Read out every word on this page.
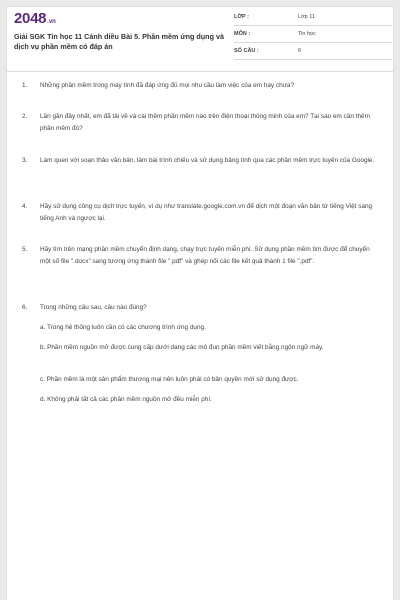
2048.vn
Giải SGK Tin học 11 Cánh diều Bài 5. Phần mềm ứng dụng và dịch vụ phần mềm có đáp án
LỚP :	Lớp 11
MÔN :	Tin học
SỐ CÂU :	6
1.	Những phần mềm trong máy tính đã đáp ứng đủ mọi nhu cầu làm việc của em hay chưa?
2.	Lần gần đây nhất, em đã tải về và cài thêm phần mềm nào trên điện thoại thông minh của em? Tại sao em cần thêm phần mềm đó?
3.	Làm quen với soạn thảo văn bản, làm bài trình chiếu và sử dụng bảng tính qua các phần mềm trực tuyến của Google.
4.	Hãy sử dụng công cụ dịch trực tuyến, ví dụ như translate.google.com.vn để dịch một đoạn văn bản từ tiếng Việt sang tiếng Anh và ngược lại.
5.	Hãy tìm trên mạng phần mềm chuyển định dạng, chạy trực tuyến miễn phí. Sử dụng phần mềm tìm được để chuyển một số file ".docx" sang tương ứng thành file ".pdf" và ghép nối các file kết quả thành 1 file ".pdf".
6.	Trong những câu sau, câu nào đúng?
a. Trong hệ thống luôn cần có các chương trình ứng dụng.
b. Phần mềm nguồn mở được cung cấp dưới dạng các mô đun phần mềm viết bằng ngôn ngữ máy.
c. Phần mềm là một sản phẩm thương mại nên luôn phải có bản quyền mới sử dụng được.
d. Không phải tất cả các phần mềm nguồn mở đều miễn phí.
